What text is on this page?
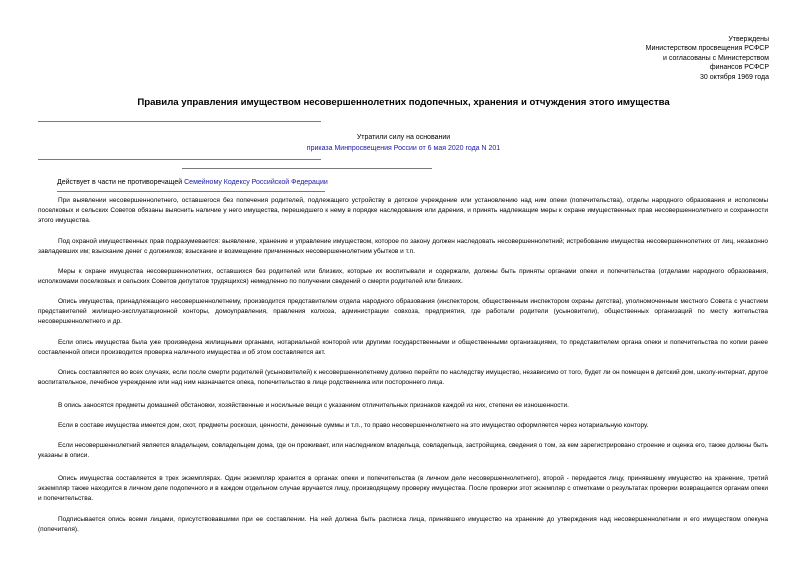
Утверждены
Министерством просвещения РСФСР
и согласованы с Министерством
финансов РСФСР
30 октября 1969 года
Правила управления имуществом несовершеннолетних подопечных, хранения и отчуждения этого имущества
Утратили силу на основании
приказа Минпросвещения России от 6 мая 2020 года N 201
Действует в части не противоречащей Семейному Кодексу Российской Федерации

При выявлении несовершеннолетнего, оставшегося без попечения родителей, подлежащего устройству в детское учреждение или установлению над ним опеки (попечительства), отделы народного образования и исполкомы поселковых и сельских Советов обязаны выяснить наличие у него имущества, перешедшего к нему в порядке наследования или дарения, и принять надлежащие меры к охране имущественных прав несовершеннолетнего и сохранности этого имущества.

Под охраной имущественных прав подразумевается: выявление, хранение и управление имуществом, которое по закону должен наследовать несовершеннолетний; истребование имущества несовершеннолетних от лиц, незаконно завладевших им; взыскание денег с должников; взыскание и возмещение причиненных несовершеннолетним убытков и т.п.

Меры к охране имущества несовершеннолетних, оставшихся без родителей или близких, которые их воспитывали и содержали, должны быть приняты органами опеки и попечительства (отделами народного образования, исполкомами поселковых и сельских Советов депутатов трудящихся) немедленно по получении сведений о смерти родителей или близких.

Опись имущества, принадлежащего несовершеннолетнему, производится представителем отдела народного образования (инспектором, общественным инспектором охраны детства), уполномоченным местного Совета с участием представителей жилищно-эксплуатационной конторы, домоуправления, правления колхоза, администрации совхоза, предприятия, где работали родители (усыновители), общественных организаций по месту жительства несовершеннолетнего и др.

Если опись имущества была уже произведена жилищными органами, нотариальной конторой или другими государственными и общественными организациями, то представителем органа опеки и попечительства по копии ранее составленной описи производится проверка наличного имущества и об этом составляется акт.

Опись составляется во всех случаях, если после смерти родителей (усыновителей) к несовершеннолетнему должно перейти по наследству имущество, независимо от того, будет ли он помещен в детский дом, школу-интернат, другое воспитательное, лечебное учреждение или над ним назначается опека, попечительство в лице родственника или постороннего лица.

В опись заносятся предметы домашней обстановки, хозяйственные и носильные вещи с указанием отличительных признаков каждой из них, степени ее изношенности.

Если в составе имущества имеется дом, скот, предметы роскоши, ценности, денежные суммы и т.п., то право несовершеннолетнего на это имущество оформляется через нотариальную контору.

Если несовершеннолетний является владельцем, совладельцем дома, где он проживает, или наследником владельца, совладельца, застройщика, сведения о том, за кем зарегистрировано строение и оценка его, также должны быть указаны в описи.

Опись имущества составляется в трех экземплярах. Один экземпляр хранится в органах опеки и попечительства (в личном деле несовершеннолетнего), второй - передается лицу, принявшему имущество на хранение, третий экземпляр также находится в личном деле подопечного и в каждом отдельном случае вручается лицу, производящему проверку имущества. После проверки этот экземпляр с отметками о результатах проверки возвращается органам опеки и попечительства.

Подписывается опись всеми лицами, присутствовавшими при ее составлении. На ней должна быть расписка лица, принявшего имущество на хранение до утверждения над несовершеннолетним и его имуществом опекуна (попечителя).
